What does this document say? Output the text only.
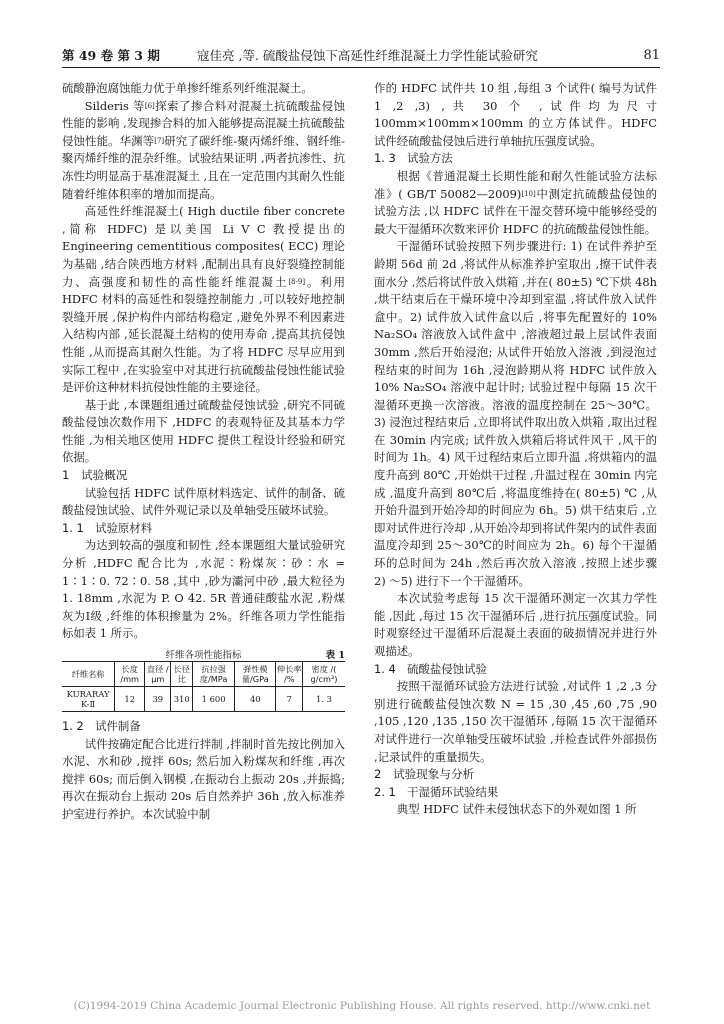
第 49 卷 第 3 期	寇佳亮 ,等. 硫酸盐侵蚀下高延性纤维混凝土力学性能试验研究	81

硫酸静泡腐蚀能力优于单掺纤维系列纤维混凝土。

Silderis 等[6]探索了掺合料对混凝土抗硫酸盐侵蚀性能的影响 ,发现掺合料的加入能够提高混凝土抗硫酸盐侵蚀性能。华渊等[7]研究了碳纤维-聚丙烯纤维、钢纤维-聚丙烯纤维的混杂纤维。试验结果证明 ,两者抗渗性、抗冻性均明显高于基准混凝土 ,且在一定范围内其耐久性能随着纤维体积率的增加而提高。

高延性纤维混凝土( High ductile fiber concrete ,简称 HDFC) 是以美国 Li V C 教授提出的 Engineering cementitious composites( ECC) 理论为基础 ,结合陕西地方材料 ,配制出具有良好裂缝控制能力、高强度和韧性的高性能纤维混凝土[8-9]。利用 HDFC 材料的高延性和裂缝控制能力 ,可以较好地控制裂缝开展 ,保护构件内部结构稳定 ,避免外界不利因素进入结构内部 ,延长混凝土结构的使用寿命 ,提高其抗侵蚀性能 ,从而提高其耐久性能。为了将 HDFC 尽早应用到实际工程中 ,在实验室中对其进行抗硫酸盐侵蚀性能试验是评价这种材料抗侵蚀性能的主要途径。

基于此 ,本课题组通过硫酸盐侵蚀试验 ,研究不同硫酸盐侵蚀次数作用下 ,HDFC 的表观特征及其基本力学性能 ,为相关地区使用 HDFC 提供工程设计经验和研究依据。

1　试验概况

试验包括 HDFC 试件原材料选定、试件的制备、硫酸盐侵蚀试验、试件外观记录以及单轴受压破坏试验。

1. 1　试验原材料

为达到较高的强度和韧性 ,经本课题组大量试验研究分析 ,HDFC 配合比为 ,水泥∶粉煤灰∶砂∶水 = 1∶1∶0. 72∶0. 58 ,其中 ,砂为灞河中砂 ,最大粒径为 1. 18mm ,水泥为 P. O 42. 5R 普通硅酸盐水泥 ,粉煤灰为Ⅰ级 ,纤维的体积掺量为 2%。纤维各项力学性能指标如表 1 所示。

纤维各项性能指标	表 1
纤维名称	长度 /mm	直径 /μm	长径比	抗拉强度/MPa	弹性模量/GPa	伸长率 /%	密度 /( g/cm³)
KURARAY K-Ⅱ	12	39	310	1 600	40	7	1. 3

1. 2　试件制备

试件按确定配合比进行拌制 ,拌制时首先按比例加入水泥、水和砂 ,搅拌 60s; 然后加入粉煤灰和纤维 ,再次搅拌 60s; 而后倒入钢模 ,在振动台上振动 20s ,并振捣; 再次在振动台上振动 20s 后自然养护 36h ,放入标准养护室进行养护。本次试验中制

作的 HDFC 试件共 10 组 ,每组 3 个试件( 编号为试件 1 ,2 ,3) ,共 30 个 ,试件均为尺寸 100mm×100mm×100mm 的立方体试件。HDFC 试件经硫酸盐侵蚀后进行单轴抗压强度试验。

1. 3　试验方法

根据《普通混凝土长期性能和耐久性能试验方法标准》( GB/T 50082—2009)[10]中测定抗硫酸盐侵蚀的试验方法 ,以 HDFC 试件在干湿交替环境中能够经受的最大干湿循环次数来评价 HDFC 的抗硫酸盐侵蚀性能。

干湿循环试验按照下列步骤进行: 1) 在试件养护至龄期 56d 前 2d ,将试件从标准养护室取出 ,擦干试件表面水分 ,然后将试件放入烘箱 ,并在( 80±5) ℃下烘 48h ,烘干结束后在干燥环境中冷却到室温 ,将试件放入试件盒中。2) 试件放入试件盒以后 ,将事先配置好的 10% Na₂SO₄ 溶液放入试件盒中 ,溶液超过最上层试件表面 30mm ,然后开始浸泡; 从试件开始放入溶液 ,到浸泡过程结束的时间为 16h ,浸泡龄期从将 HDFC 试件放入 10% Na₂SO₄ 溶液中起计时; 试验过程中每隔 15 次干湿循环更换一次溶液。溶液的温度控制在 25～30℃。3) 浸泡过程结束后 ,立即将试件取出放入烘箱 ,取出过程在 30min 内完成; 试件放入烘箱后将试件风干 ,风干的时间为 1h。4) 风干过程结束后立即升温 ,将烘箱内的温度升高到 80℃ ,开始烘干过程 ,升温过程在 30min 内完成 ,温度升高到 80℃后 ,将温度维持在( 80±5) ℃ ,从开始升温到开始冷却的时间应为 6h。5) 烘干结束后 ,立即对试件进行冷却 ,从开始冷却到将试件架内的试件表面温度冷却到 25～30℃的时间应为 2h。6) 每个干湿循环的总时间为 24h ,然后再次放入溶液 ,按照上述步骤 2) ～5) 进行下一个干湿循环。

本次试验考虑每 15 次干湿循环测定一次其力学性能 ,因此 ,每过 15 次干湿循环后 ,进行抗压强度试验。同时观察经过干湿循环后混凝土表面的破损情况并进行外观描述。

1. 4　硫酸盐侵蚀试验

按照干湿循环试验方法进行试验 ,对试件 1 ,2 ,3 分别进行硫酸盐侵蚀次数 N = 15 ,30 ,45 ,60 ,75 ,90 ,105 ,120 ,135 ,150 次干湿循环 ,每隔 15 次干湿循环对试件进行一次单轴受压破坏试验 ,并检查试件外部损伤 ,记录试件的重量损失。

2　试验现象与分析

2. 1　干湿循环试验结果

典型 HDFC 试件未侵蚀状态下的外观如图 1 所

(C)1994-2019 China Academic Journal Electronic Publishing House. All rights reserved. http://www.cnki.net
